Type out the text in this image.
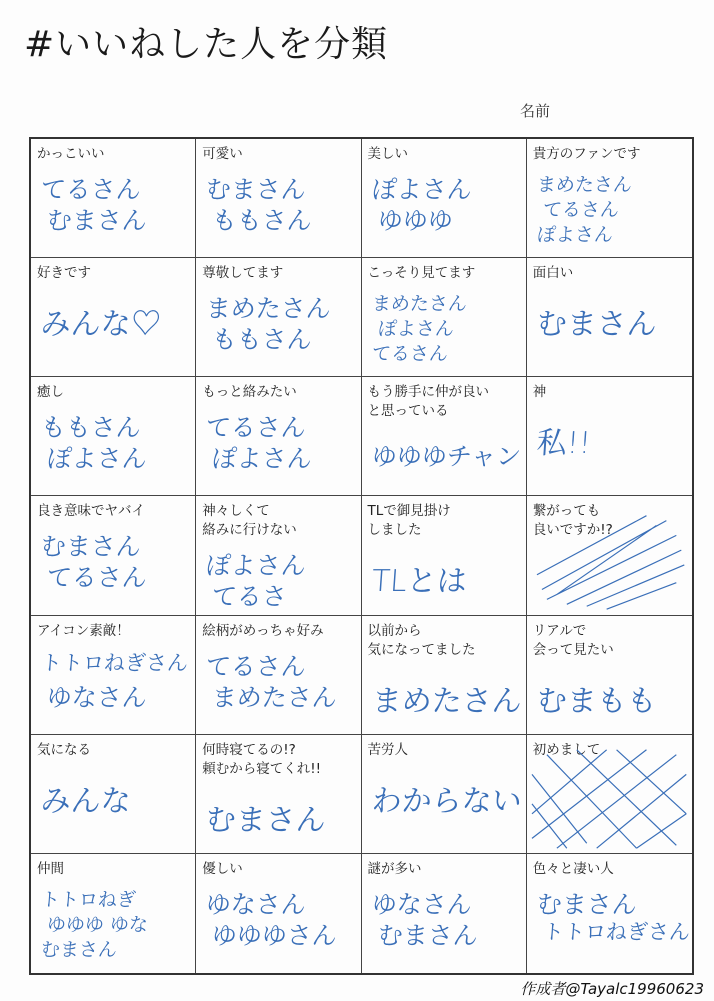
#いいねした人を分類
名前
かっこいい
てるさん
むまさん
可愛い
むまさん
ももさん
美しい
ぽよさん
ゆゆゆ
貴方のファンです
まめたさん
てるさん
ぽよさん
好きです
みんな♡
尊敬してます
まめたさん
ももさん
こっそり見てます
まめたさん
ぽよさん
てるさん
面白い
むまさん
癒し
ももさん
ぽよさん
もっと絡みたい
てるさん
ぽよさん
もう勝手に仲が良い
と思っている
ゆゆゆチャン
神
私!!
良き意味でヤバイ
むまさん
てるさん
神々しくて
絡みに行けない
ぽよさん
てるさ
TLで御見掛け
しました
TLとは
繋がっても
良いですか!?
アイコン素敵！
トトロねぎさん
ゆなさん
絵柄がめっちゃ好み
てるさん
まめたさん
以前から
気になってました
まめたさん
リアルで
会って見たい
むまもも
気になる
みんな
何時寝てるの!?
頼むから寝てくれ!!
むまさん
苦労人
わからない
初めまして
仲間
トトロねぎ
ゆゆゆ ゆな
むまさん
優しい
ゆなさん
ゆゆゆさん
謎が多い
ゆなさん
むまさん
色々と凄い人
むまさん
トトロねぎさん
作成者@Tayalc19960623
